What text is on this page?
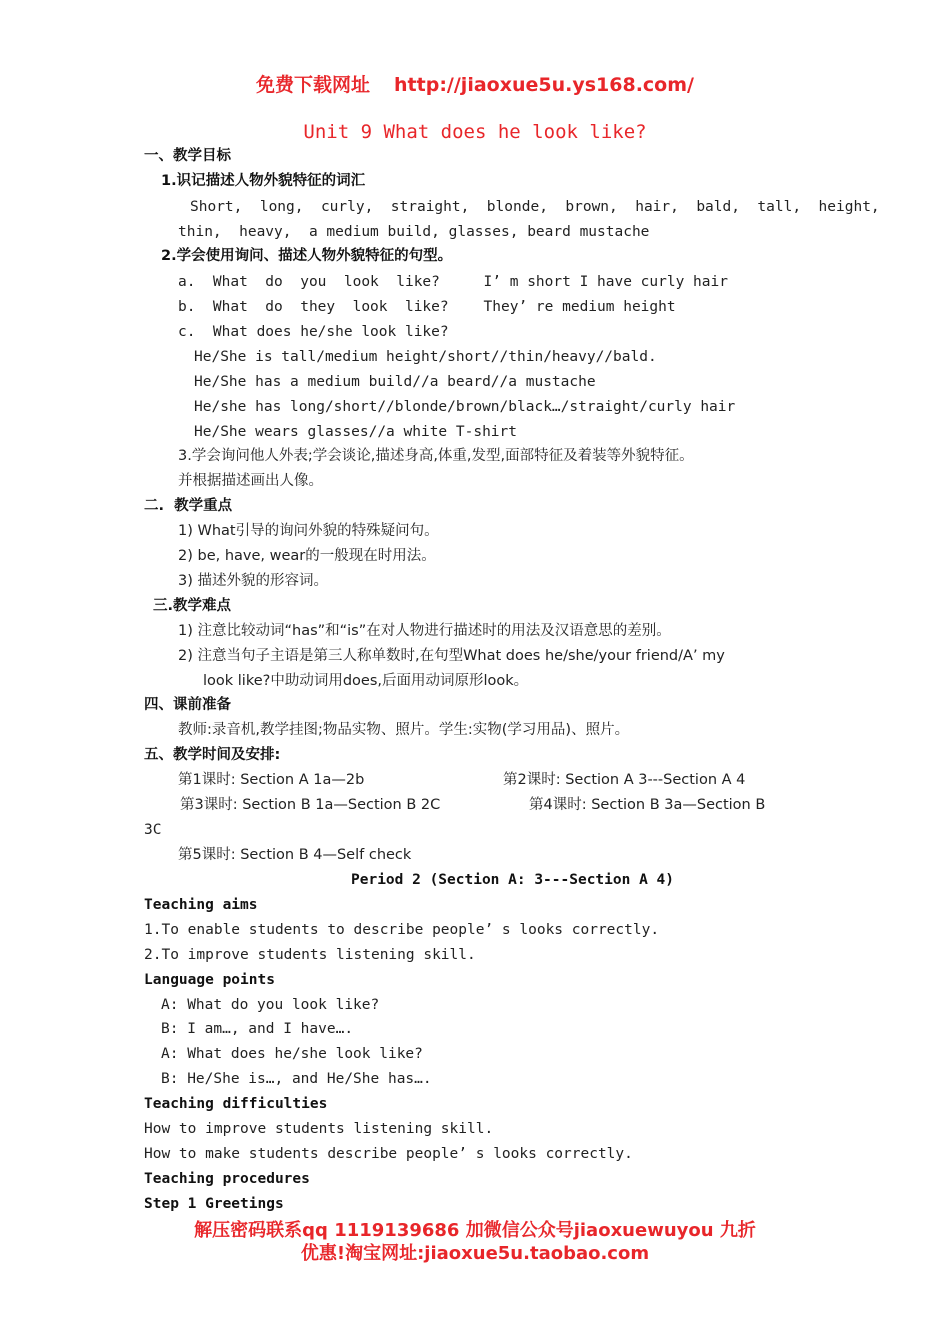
免费下载网址 http://jiaoxue5u.ys168.com/
Unit 9 What does he look like?
一、教学目标
1.识记描述人物外貌特征的词汇
Short,  long,  curly,  straight,  blonde,  brown,  hair,  bald,  tall,  height,
thin,  heavy,  a medium build, glasses, beard mustache
2.学会使用询问、描述人物外貌特征的句型。
a.  What  do  you  look  like?     I’ m short I have curly hair
b.  What  do  they  look  like?    They’ re medium height
c.  What does he/she look like?
He/She is tall/medium height/short//thin/heavy//bald.
He/She has a medium build//a beard//a mustache
He/she has long/short//blonde/brown/black…/straight/curly hair
He/She wears glasses//a white T-shirt
3.学会询问他人外表;学会谈论,描述身高,体重,发型,面部特征及着装等外貌特征。
并根据描述画出人像。
二.  教学重点
1) What引导的询问外貌的特殊疑问句。
2) be, have, wear的一般现在时用法。
3) 描述外貌的形容词。
三.教学难点
1) 注意比较动词“has”和“is”在对人物进行描述时的用法及汉语意思的差别。
2) 注意当句子主语是第三人称单数时,在句型What does he/she/your friend/A’ my
look like?中助动词用does,后面用动词原形look。
四、课前准备
教师:录音机,教学挂图;物品实物、照片。学生:实物(学习用品)、照片。
五、教学时间及安排:
第1课时: Section A 1a—2b	第2课时: Section A 3---Section A 4
第3课时: Section B 1a—Section B 2C	第4课时: Section B 3a—Section B
3C
第5课时: Section B 4—Self check
Period 2 (Section A: 3---Section A 4)
Teaching aims
1.To enable students to describe people’ s looks correctly.
2.To improve students listening skill.
Language points
A: What do you look like?
B: I am…, and I have….
A: What does he/she look like?
B: He/She is…, and He/She has….
Teaching difficulties
How to improve students listening skill.
How to make students describe people’ s looks correctly.
Teaching procedures
Step 1 Greetings
解压密码联系qq 1119139686 加微信公众号jiaoxuewuyou 九折
优惠!淘宝网址:jiaoxue5u.taobao.com
